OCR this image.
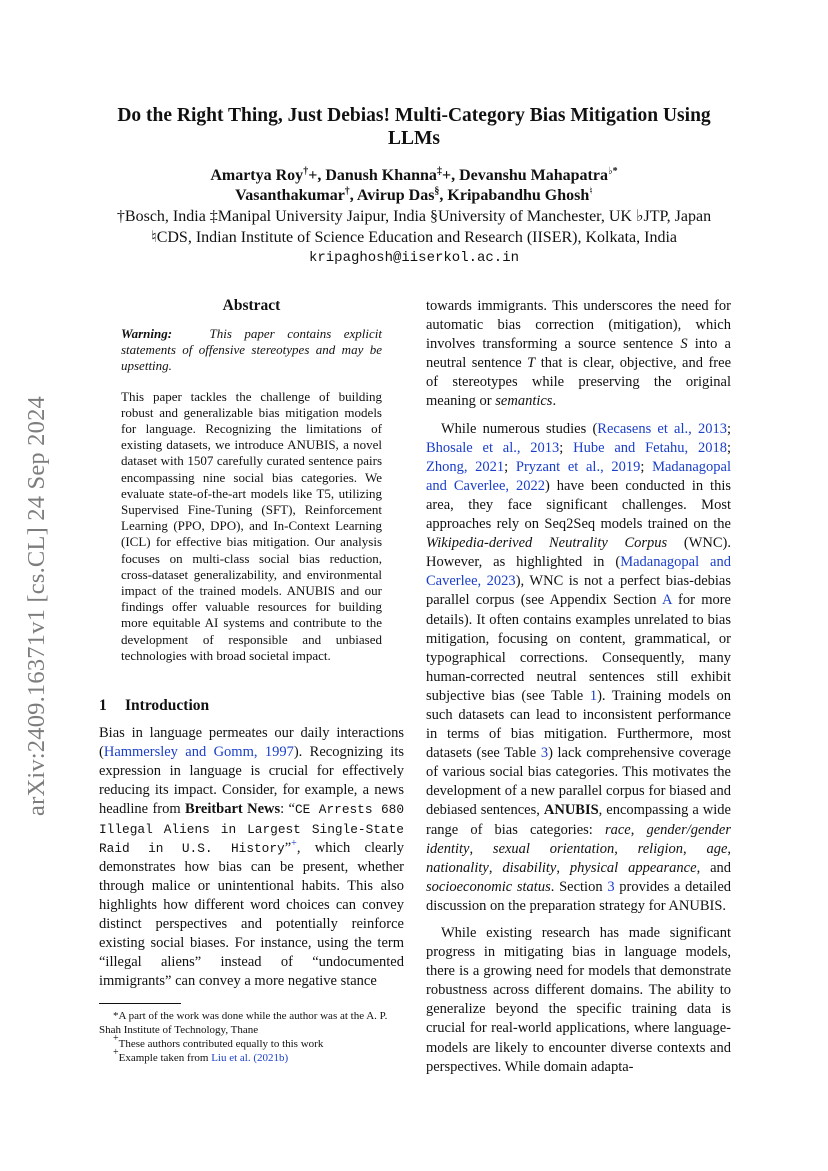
arXiv:2409.16371v1 [cs.CL] 24 Sep 2024
Do the Right Thing, Just Debias! Multi-Category Bias Mitigation Using LLMs
Amartya Roy†+, Danush Khanna‡+, Devanshu Mahapatra♭*
Vasanthakumar†, Avirup Das§, Kripabandhu Ghosh♮
†Bosch, India ‡Manipal University Jaipur, India §University of Manchester, UK ♭JTP, Japan
♮CDS, Indian Institute of Science Education and Research (IISER), Kolkata, India
kripaghosh@iiserkol.ac.in
Abstract

Warning:	This paper contains explicit statements of offensive stereotypes and may be upsetting.

This paper tackles the challenge of building robust and generalizable bias mitigation models for language. Recognizing the limitations of existing datasets, we introduce ANUBIS, a novel dataset with 1507 carefully curated sentence pairs encompassing nine social bias categories. We evaluate state-of-the-art models like T5, utilizing Supervised Fine-Tuning (SFT), Reinforcement Learning (PPO, DPO), and In-Context Learning (ICL) for effective bias mitigation. Our analysis focuses on multi-class social bias reduction, cross-dataset generalizability, and environmental impact of the trained models. ANUBIS and our findings offer valuable resources for building more equitable AI systems and contribute to the development of responsible and unbiased technologies with broad societal impact.

1 Introduction

Bias in language permeates our daily interactions (Hammersley and Gomm, 1997). Recognizing its expression in language is crucial for effectively reducing its impact. Consider, for example, a news headline from Breitbart News: “CE Arrests 680 Illegal Aliens in Largest Single-State Raid in U.S. History”+, which clearly demonstrates how bias can be present, whether through malice or unintentional habits. This also highlights how different word choices can convey distinct perspectives and potentially reinforce existing social biases. For instance, using the term “illegal aliens” instead of “undocumented immigrants” can convey a more negative stance

*A part of the work was done while the author was at the A. P. Shah Institute of Technology, Thane

+These authors contributed equally to this work

+Example taken from Liu et al. (2021b)

towards immigrants. This underscores the need for automatic bias correction (mitigation), which involves transforming a source sentence S into a neutral sentence T that is clear, objective, and free of stereotypes while preserving the original meaning or semantics.

While numerous studies (Recasens et al., 2013; Bhosale et al., 2013; Hube and Fetahu, 2018; Zhong, 2021; Pryzant et al., 2019; Madanagopal and Caverlee, 2022) have been conducted in this area, they face significant challenges. Most approaches rely on Seq2Seq models trained on the Wikipedia-derived Neutrality Corpus (WNC). However, as highlighted in (Madanagopal and Caverlee, 2023), WNC is not a perfect bias-debias parallel corpus (see Appendix Section A for more details). It often contains examples unrelated to bias mitigation, focusing on content, grammatical, or typographical corrections. Consequently, many human-corrected neutral sentences still exhibit subjective bias (see Table 1). Training models on such datasets can lead to inconsistent performance in terms of bias mitigation. Furthermore, most datasets (see Table 3) lack comprehensive coverage of various social bias categories. This motivates the development of a new parallel corpus for biased and debiased sentences, ANUBIS, encompassing a wide range of bias categories: race, gender/gender identity, sexual orientation, religion, age, nationality, disability, physical appearance, and socioeconomic status. Section 3 provides a detailed discussion on the preparation strategy for ANUBIS.

While existing research has made significant progress in mitigating bias in language models, there is a growing need for models that demonstrate robustness across different domains. The ability to generalize beyond the specific training data is crucial for real-world applications, where language-models are likely to encounter diverse contexts and perspectives. While domain adapta-
